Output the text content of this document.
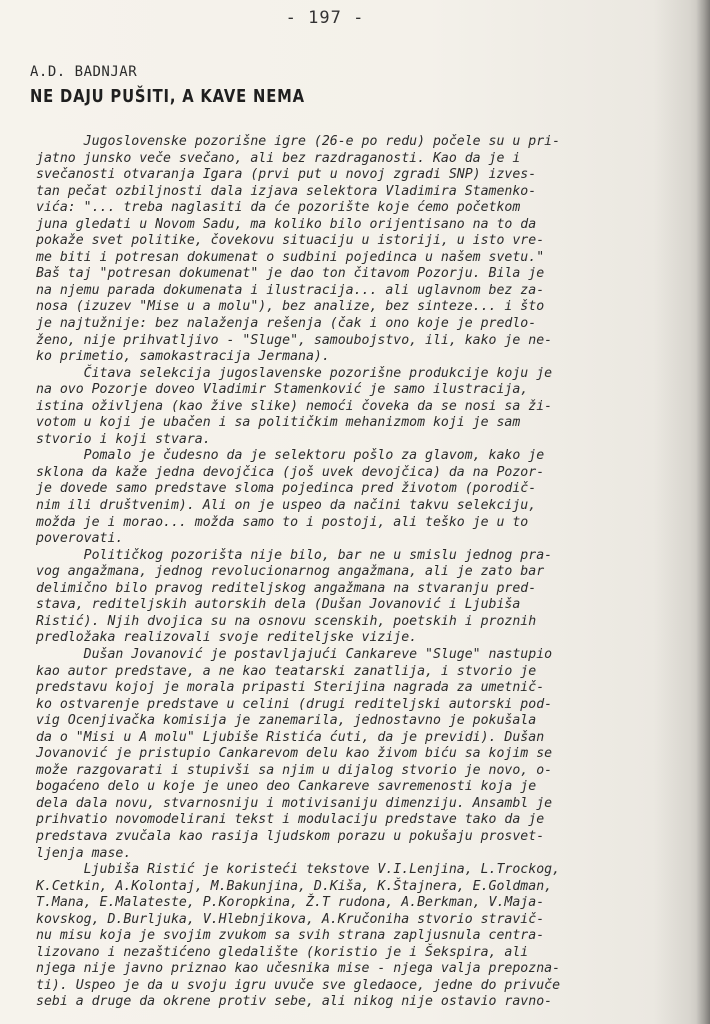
- 197 -
A.D. BADNJAR
NE DAJU PUŠITI, A KAVE NEMA
Jugoslovenske pozorišne igre (26-e po redu) počele su u pri-
jatno junsko veče svečano, ali bez razdraganosti. Kao da je i
svečanosti otvaranja Igara (prvi put u novoj zgradi SNP) izves-
tan pečat ozbiljnosti dala izjava selektora Vladimira Stamenko-
vića: "... treba naglasiti da će pozorište koje ćemo početkom
juna gledati u Novom Sadu, ma koliko bilo orijentisano na to da
pokaže svet politike, čovekovu situaciju u istoriji, u isto vre-
me biti i potresan dokumenat o sudbini pojedinca u našem svetu."
Baš taj "potresan dokumenat" je dao ton čitavom Pozorju. Bila je
na njemu parada dokumenata i ilustracija... ali uglavnom bez za-
nosa (izuzev "Mise u a molu"), bez analize, bez sinteze... i što
je najtužnije: bez nalaženja rešenja (čak i ono koje je predlo-
ženo, nije prihvatljivo - "Sluge", samoubojstvo, ili, kako je ne-
ko primetio, samokastracija Jermana).
Čitava selekcija jugoslavenske pozorišne produkcije koju je
na ovo Pozorje doveo Vladimir Stamenković je samo ilustracija,
istina oživljena (kao žive slike) nemoći čoveka da se nosi sa ži-
votom u koji je ubačen i sa političkim mehanizmom koji je sam
stvorio i koji stvara.
Pomalo je čudesno da je selektoru pošlo za glavom, kako je
sklona da kaže jedna devojčica (još uvek devojčica) da na Pozor-
je dovede samo predstave sloma pojedinca pred životom (porodič-
nim ili društvenim). Ali on je uspeo da načini takvu selekciju,
možda je i morao... možda samo to i postoji, ali teško je u to
poverovati.
Političkog pozorišta nije bilo, bar ne u smislu jednog pra-
vog angažmana, jednog revolucionarnog angažmana, ali je zato bar
delimično bilo pravog rediteljskog angažmana na stvaranju pred-
stava, rediteljskih autorskih dela (Dušan Jovanović i Ljubiša
Ristić). Njih dvojica su na osnovu scenskih, poetskih i proznih
predložaka realizovali svoje rediteljske vizije.
Dušan Jovanović je postavljajući Cankareve "Sluge" nastupio
kao autor predstave, a ne kao teatarski zanatlija, i stvorio je
predstavu kojoj je morala pripasti Sterijina nagrada za umetnič-
ko ostvarenje predstave u celini (drugi rediteljski autorski pod-
vig Ocenjivačka komisija je zanemarila, jednostavno je pokušala
da o "Misi u A molu" Ljubiše Ristića ćuti, da je previdi). Dušan
Jovanović je pristupio Cankarevom delu kao živom biću sa kojim se
može razgovarati i stupivši sa njim u dijalog stvorio je novo, o-
bogaćeno delo u koje je uneo deo Cankareve savremenosti koja je
dela dala novu, stvarnosniju i motivisaniju dimenziju. Ansambl je
prihvatio novomodelirani tekst i modulaciju predstave tako da je
predstava zvučala kao rasija ljudskom porazu u pokušaju prosvet-
ljenja mase.
Ljubiša Ristić je koristeći tekstove V.I.Lenjina, L.Trockog,
K.Cetkin, A.Kolontaj, M.Bakunjina, D.Kiša, K.Štajnera, E.Goldman,
T.Mana, E.Malateste, P.Koropkina, Ž.T rudona, A.Berkman, V.Maja-
kovskog, D.Burljuka, V.Hlebnjikova, A.Kručoniha stvorio stravič-
nu misu koja je svojim zvukom sa svih strana zapljusnula centra-
lizovano i nezaštićeno gledalište (koristio je i Šekspira, ali
njega nije javno priznao kao učesnika mise - njega valja prepozna-
ti). Uspeo je da u svoju igru uvuče sve gledaoce, jedne do privuče
sebi a druge da okrene protiv sebe, ali nikog nije ostavio ravno-
